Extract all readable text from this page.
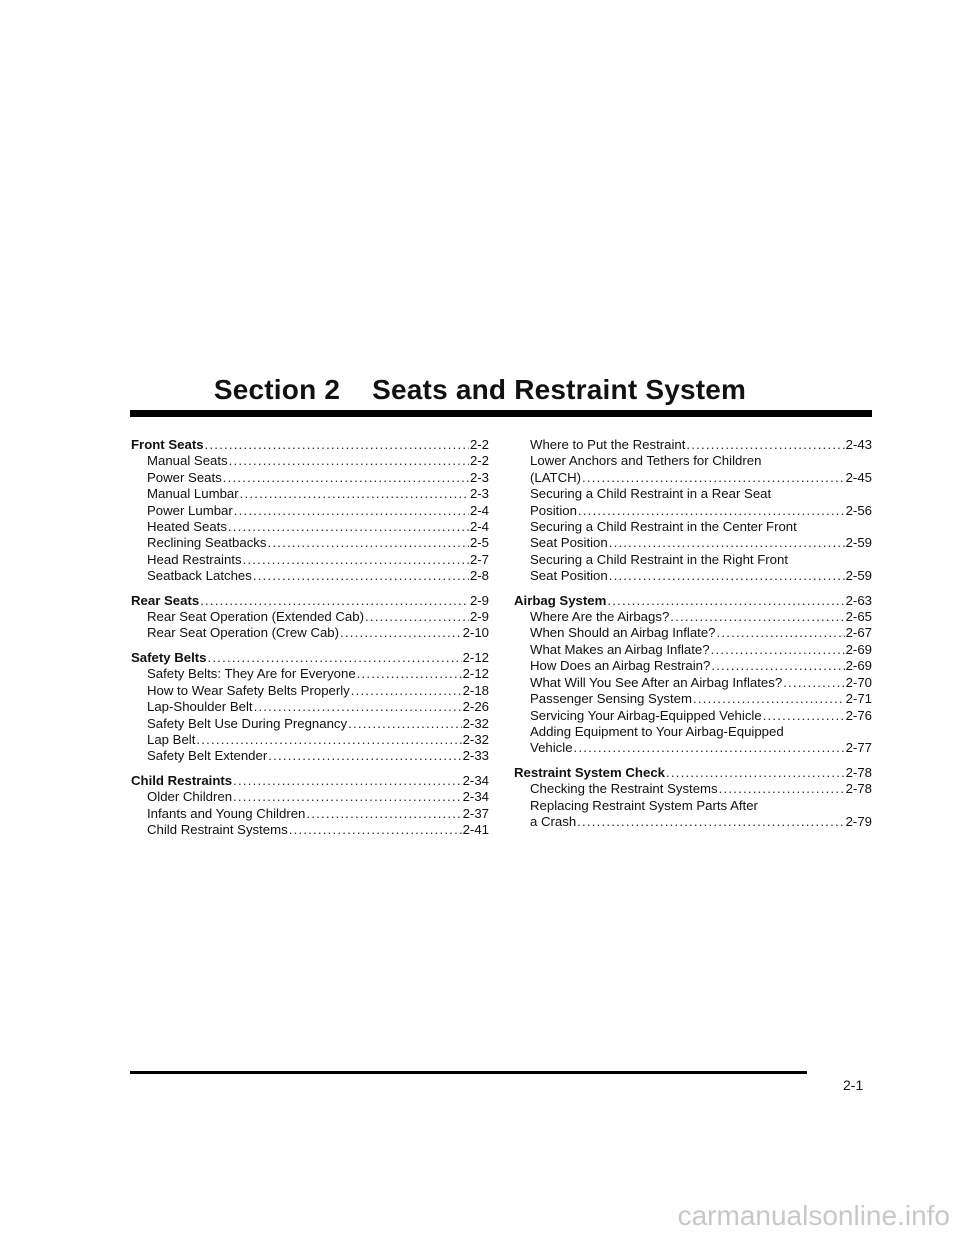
Section 2 Seats and Restraint System
Front Seats .....	2-2
Manual Seats .....	2-2
Power Seats .....	2-3
Manual Lumbar .....	2-3
Power Lumbar .....	2-4
Heated Seats .....	2-4
Reclining Seatbacks .....	2-5
Head Restraints .....	2-7
Seatback Latches .....	2-8
Rear Seats .....	2-9
Rear Seat Operation (Extended Cab) .....	2-9
Rear Seat Operation (Crew Cab) .....	2-10
Safety Belts .....	2-12
Safety Belts: They Are for Everyone .....	2-12
How to Wear Safety Belts Properly .....	2-18
Lap-Shoulder Belt .....	2-26
Safety Belt Use During Pregnancy .....	2-32
Lap Belt .....	2-32
Safety Belt Extender .....	2-33
Child Restraints .....	2-34
Older Children .....	2-34
Infants and Young Children .....	2-37
Child Restraint Systems .....	2-41
Where to Put the Restraint .....	2-43
Lower Anchors and Tethers for Children
(LATCH) .....	2-45
Securing a Child Restraint in a Rear Seat
Position .....	2-56
Securing a Child Restraint in the Center Front
Seat Position .....	2-59
Securing a Child Restraint in the Right Front
Seat Position .....	2-59
Airbag System .....	2-63
Where Are the Airbags? .....	2-65
When Should an Airbag Inflate? .....	2-67
What Makes an Airbag Inflate? .....	2-69
How Does an Airbag Restrain? .....	2-69
What Will You See After an Airbag Inflates? .....	2-70
Passenger Sensing System .....	2-71
Servicing Your Airbag-Equipped Vehicle .....	2-76
Adding Equipment to Your Airbag-Equipped
Vehicle .....	2-77
Restraint System Check .....	2-78
Checking the Restraint Systems .....	2-78
Replacing Restraint System Parts After
a Crash .....	2-79
2-1
carmanualsonline.info
